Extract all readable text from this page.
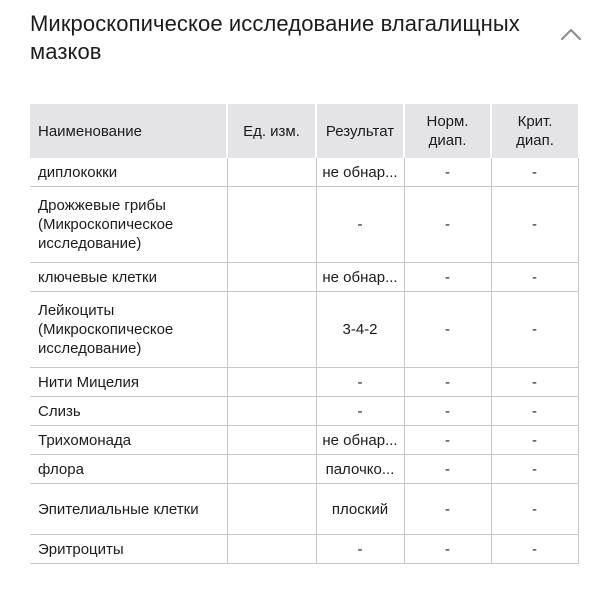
Микроскопическое исследование влагалищных мазков
Наименование	Ед. изм.	Результат	Норм. диап.	Крит. диап.
диплококки		не обнар...	-	-
Дрожжевые грибы (Микроскопическое исследование)		-	-	-
ключевые клетки		не обнар...	-	-
Лейкоциты (Микроскопическое исследование)		3-4-2	-	-
Нити Мицелия		-	-	-
Слизь		-	-	-
Трихомонада		не обнар...	-	-
флора		палочко...	-	-
Эпителиальные клетки		плоский	-	-
Эритроциты		-	-	-
